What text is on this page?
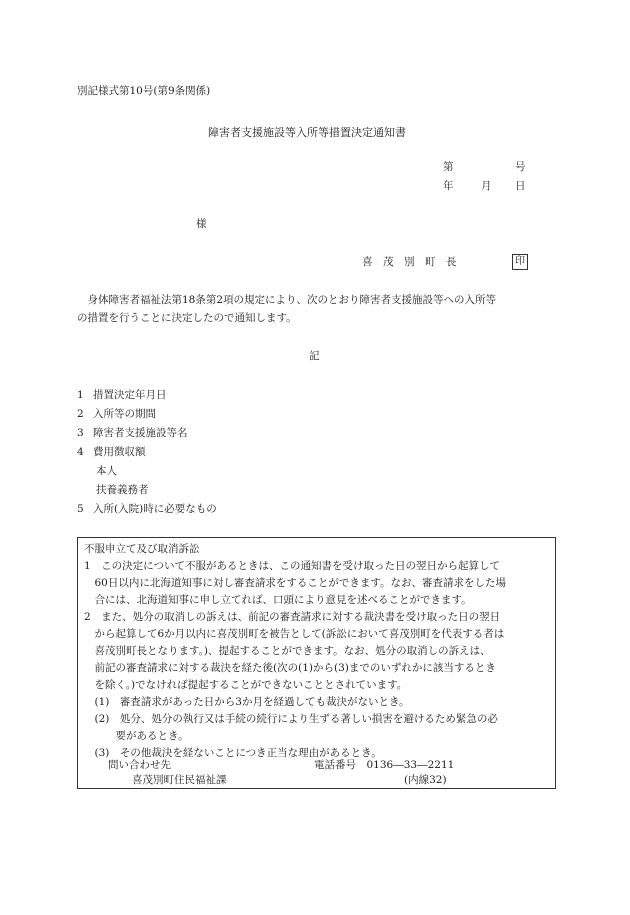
別記様式第10号(第9条関係)
障害者支援施設等入所等措置決定通知書
第	号
年	月 日
様
喜　茂　別　町　長	印
　身体障害者福祉法第18条第2項の規定により、次のとおり障害者支援施設等への入所等
の措置を行うことに決定したので通知します。
記
1 措置決定年月日
2 入所等の期間
3 障害者支援施設等名
4 費用徴収額
本人
扶養義務者
5 入所(入院)時に必要なもの
不服申立て及び取消訴訟
1　この決定について不服があるときは、この通知書を受け取った日の翌日から起算して
　60日以内に北海道知事に対し審査請求をすることができます。なお、審査請求をした場
　合には、北海道知事に申し立てれば、口頭により意見を述べることができます。
2　また、処分の取消しの訴えは、前記の審査請求に対する裁決書を受け取った日の翌日
　から起算して6か月以内に喜茂別町を被告として(訴訟において喜茂別町を代表する者は
　喜茂別町長となります。)、提起することができます。なお、処分の取消しの訴えは、
　前記の審査請求に対する裁決を経た後(次の(1)から(3)までのいずれかに該当するとき
　を除く。)でなければ提起することができないこととされています。
　(1)　審査請求があった日から3か月を経過しても裁決がないとき。
　(2)　処分、処分の執行又は手続の続行により生ずる著しい損害を避けるため緊急の必
　　　要があるとき。
　(3)　その他裁決を経ないことにつき正当な理由があるとき。
問い合わせ先	電話番号　0136―33―2211
喜茂別町住民福祉課	(内線32)
